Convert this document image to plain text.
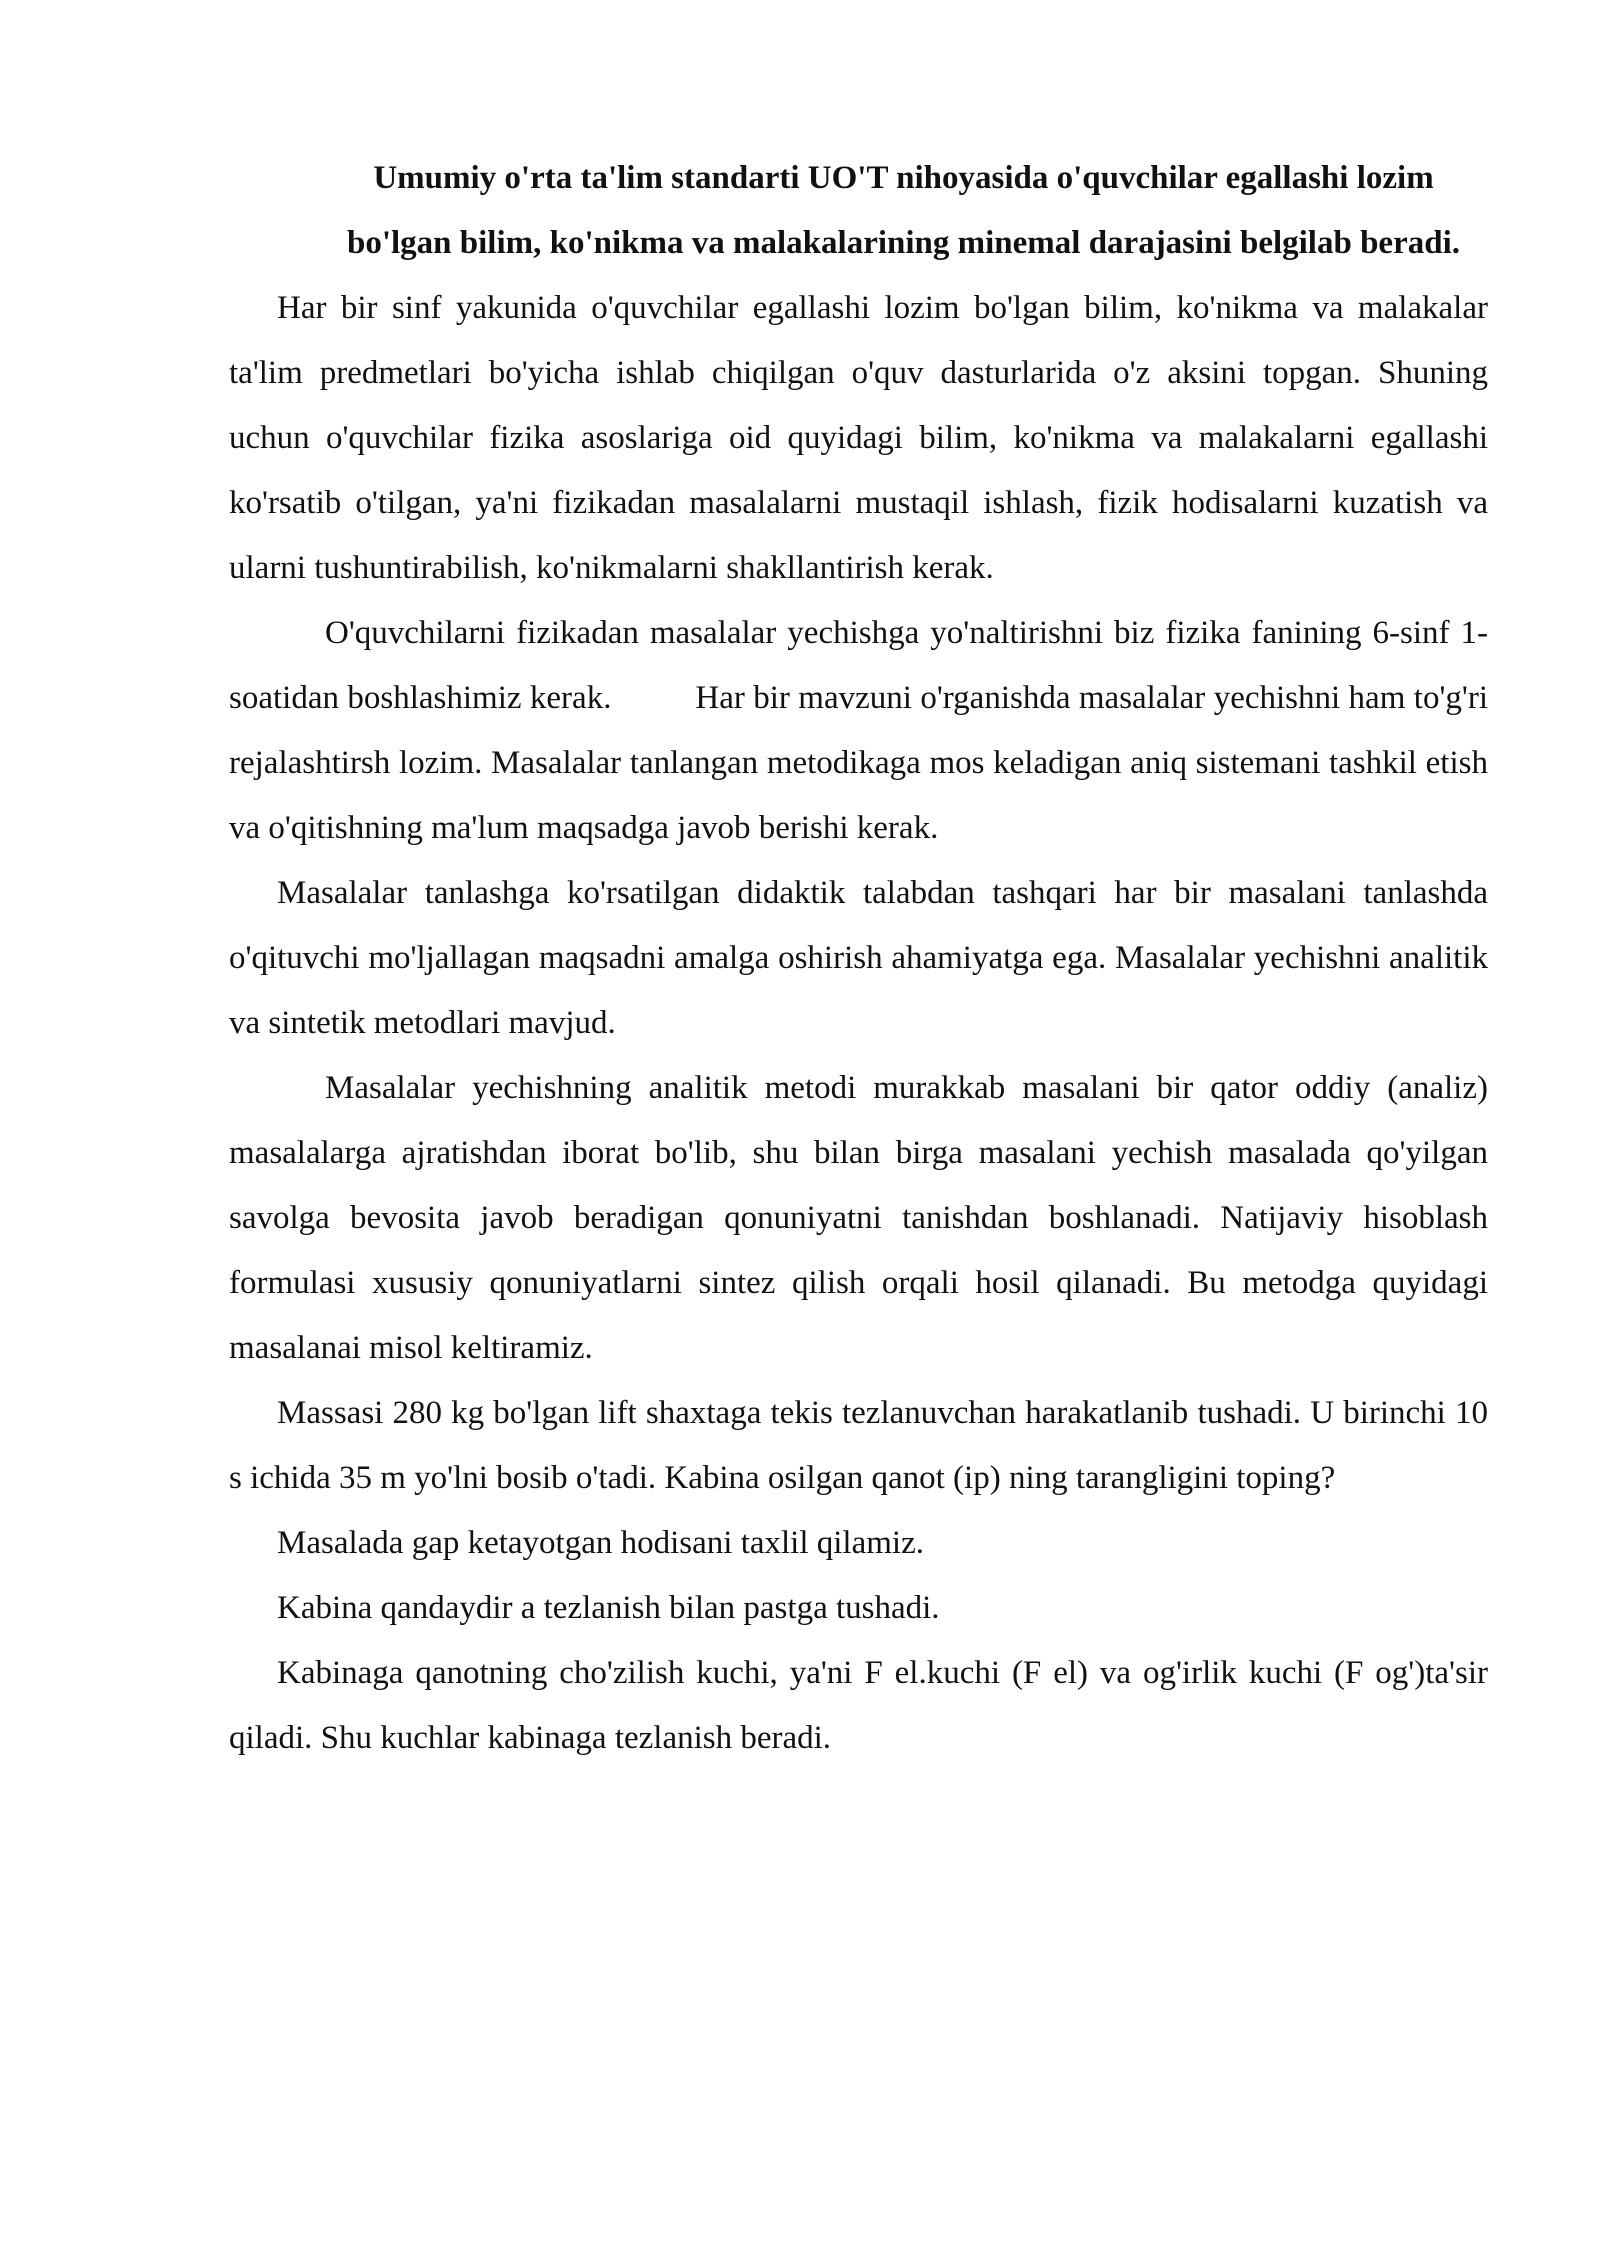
Umumiy o'rta ta'lim standarti UO'T nihoyasida o'quvchilar egallashi lozim bo'lgan bilim, ko'nikma va malakalarining minemal darajasini belgilab beradi.

Har bir sinf yakunida o'quvchilar egallashi lozim bo'lgan bilim, ko'nikma va malakalar ta'lim predmetlari bo'yicha ishlab chiqilgan o'quv dasturlarida o'z aksini topgan. Shuning uchun o'quvchilar fizika asoslariga oid quyidagi bilim, ko'nikma va malakalarni egallashi ko'rsatib o'tilgan, ya'ni fizikadan masalalarni mustaqil ishlash, fizik hodisalarni kuzatish va ularni tushuntirabilish, ko'nikmalarni shakllantirish kerak.

O'quvchilarni fizikadan masalalar yechishga yo'naltirishni biz fizika fanining 6-sinf 1-soatidan boshlashimiz kerak.          Har bir mavzuni o'rganishda masalalar yechishni ham to'g'ri rejalashtirsh lozim. Masalalar tanlangan metodikaga mos keladigan aniq sistemani tashkil etish va o'qitishning ma'lum maqsadga javob berishi kerak.

Masalalar tanlashga ko'rsatilgan didaktik talabdan tashqari har bir masalani tanlashda o'qituvchi mo'ljallagan maqsadni amalga oshirish ahamiyatga ega. Masalalar yechishni analitik va sintetik metodlari mavjud.

Masalalar yechishning analitik metodi murakkab masalani bir qator oddiy (analiz) masalalarga ajratishdan iborat bo'lib, shu bilan birga masalani yechish masalada qo'yilgan savolga bevosita javob beradigan qonuniyatni tanishdan boshlanadi. Natijaviy hisoblash formulasi xususiy qonuniyatlarni sintez qilish orqali hosil qilanadi. Bu metodga quyidagi masalanai misol keltiramiz.

Massasi 280 kg bo'lgan lift shaxtaga tekis tezlanuvchan harakatlanib tushadi. U birinchi 10 s ichida 35 m yo'lni bosib o'tadi. Kabina osilgan qanot (ip) ning tarangligini toping?

Masalada gap ketayotgan hodisani taxlil qilamiz.

Kabina qandaydir a tezlanish bilan pastga tushadi.

Kabinaga qanotning cho'zilish kuchi, ya'ni F el.kuchi (F el) va og'irlik kuchi (F og')ta'sir qiladi. Shu kuchlar kabinaga tezlanish beradi.
